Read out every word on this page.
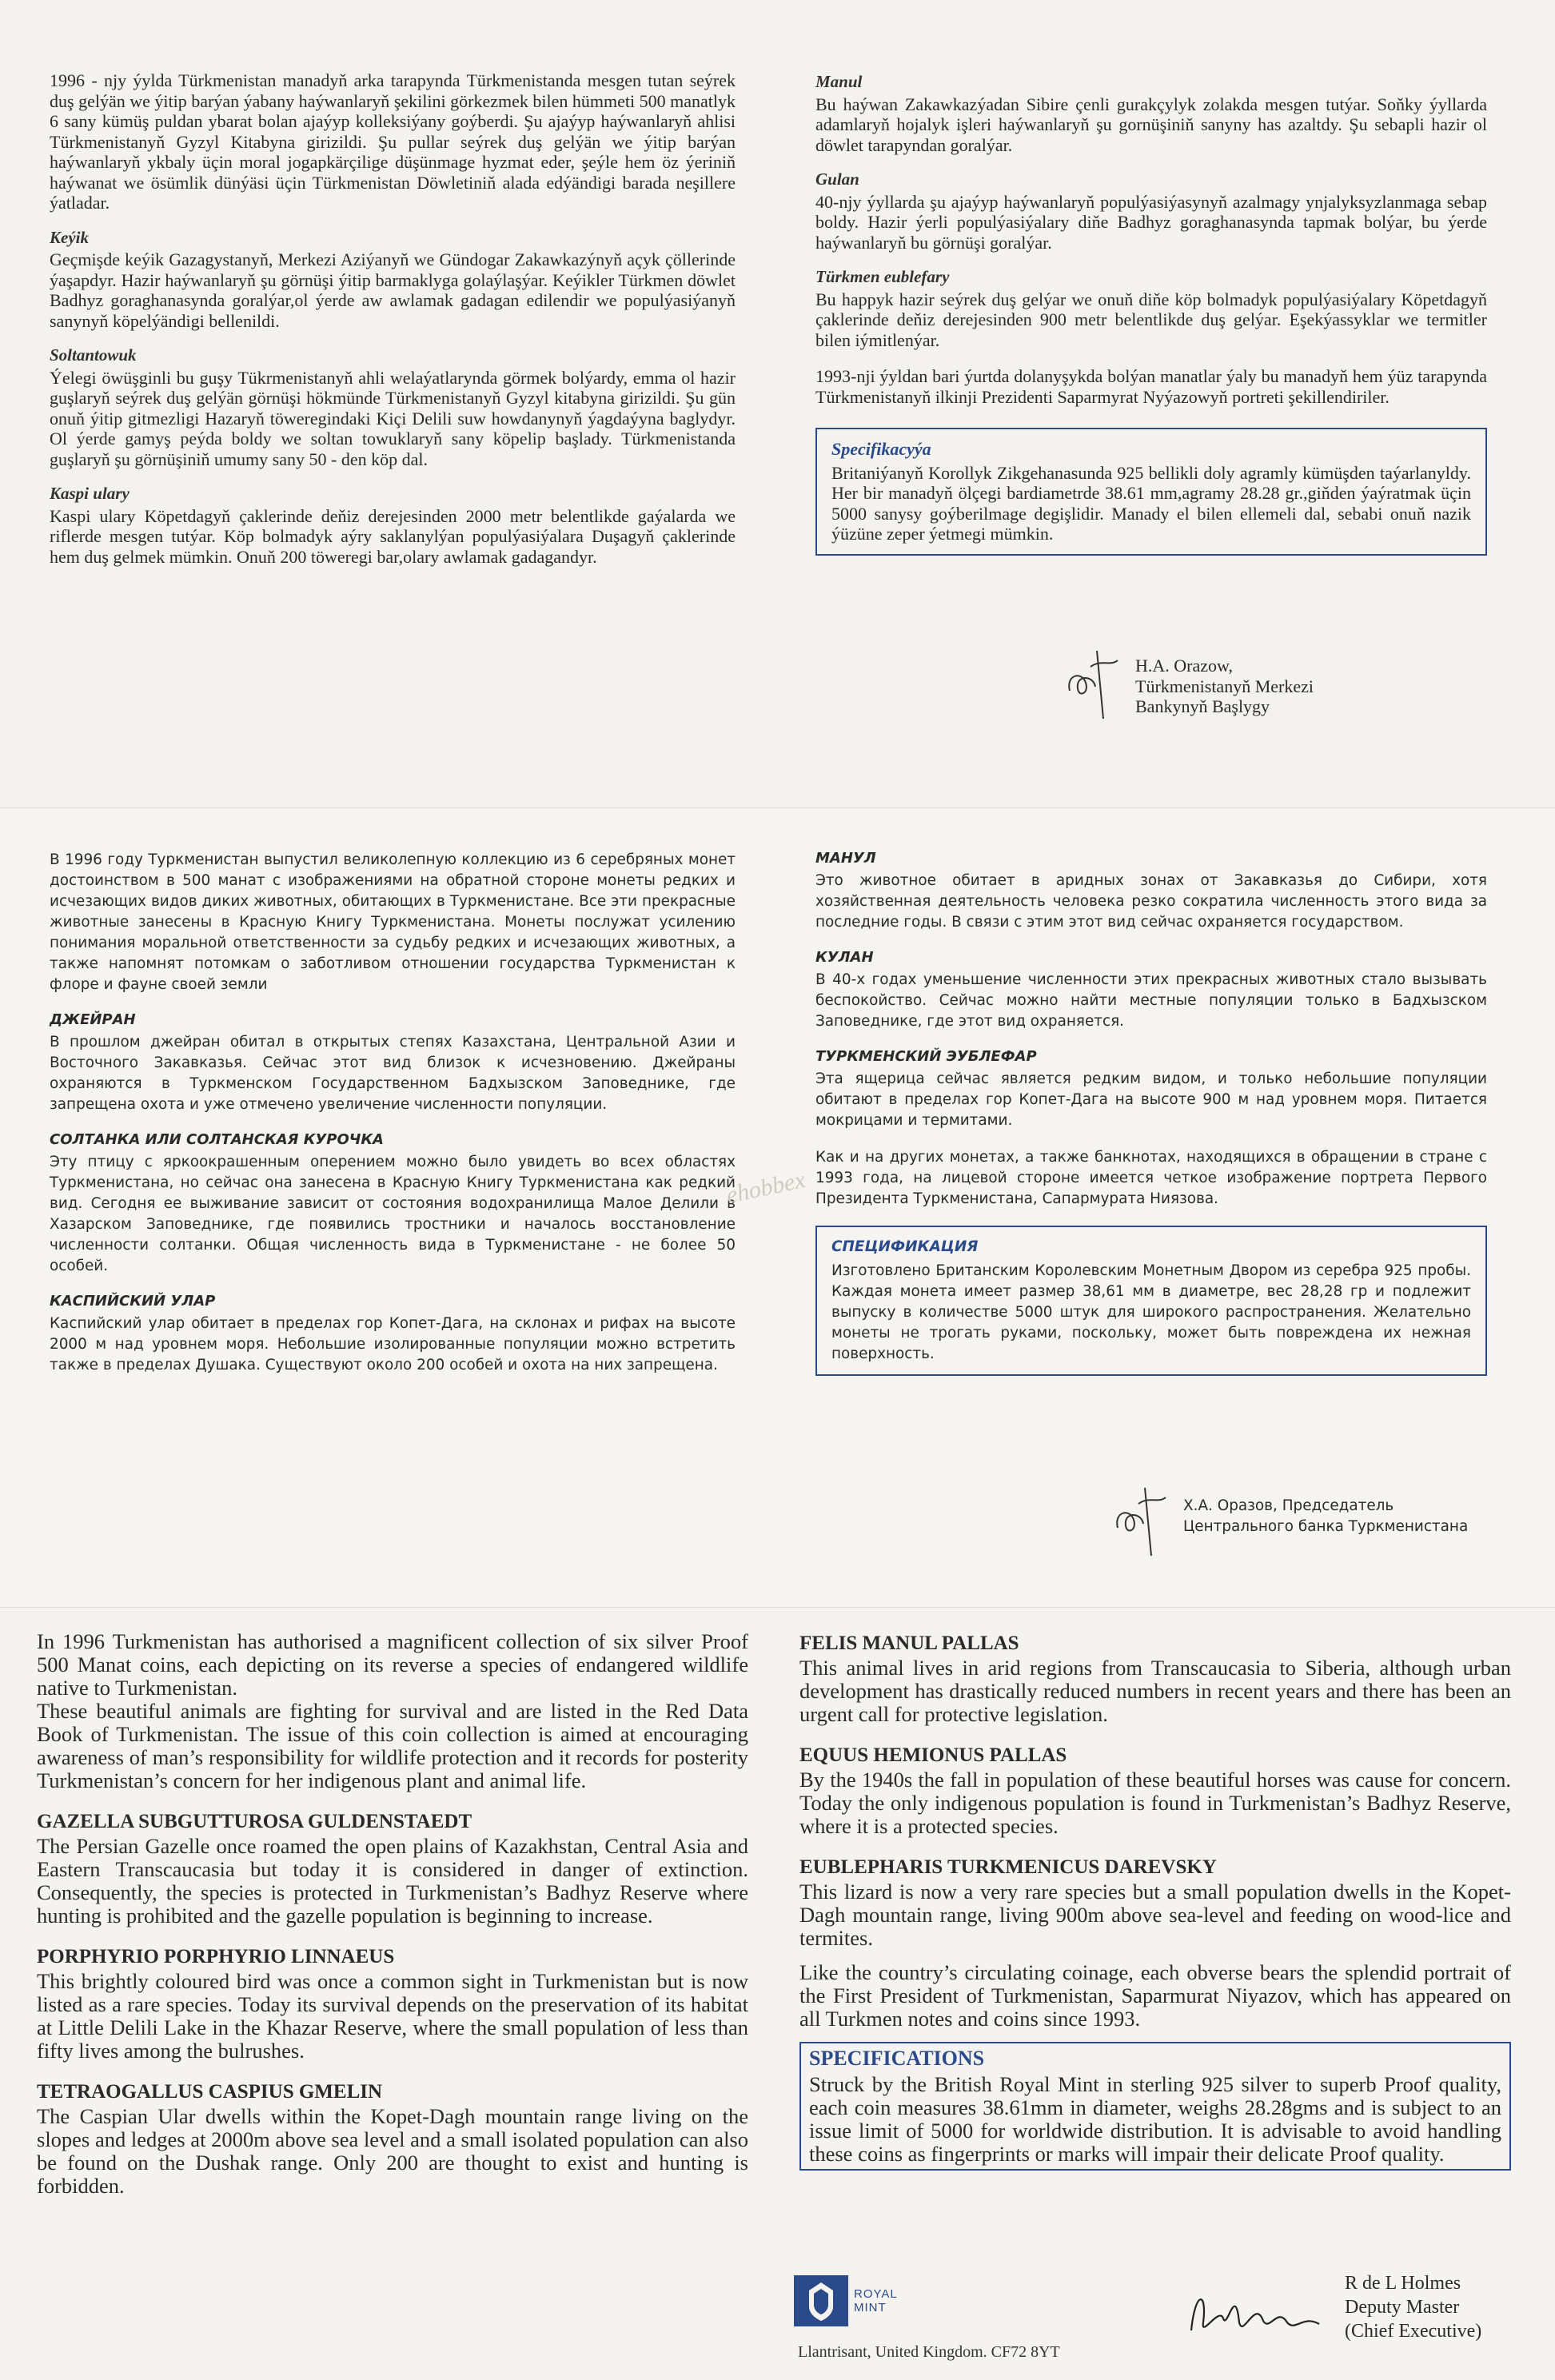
1996 - njy ýylda Türkmenistan manadyň arka tarapynda Türkmenistanda mesgen tutan seýrek duş gelýän we ýitip barýan ýabany haýwanlaryň şekilini görkezmek bilen hümmeti 500 manatlyk 6 sany kümüş puldan ybarat bolan ajaýyp kolleksiýany goýberdi. Şu ajaýyp haýwanlaryň ahlisi Türkmenistanyň Gyzyl Kitabyna girizildi. Şu pullar seýrek duş gelýän we ýitip barýan haýwanlaryň ykbaly üçin moral jogapkärçilige düşünmage hyzmat eder, şeýle hem öz ýeriniň haýwanat we ösümlik dünýäsi üçin Türkmenistan Döwletiniň alada edýändigi barada neşillere ýatladar.

Keýik

Geçmişde keýik Gazagystanyň, Merkezi Aziýanyň we Gündogar Zakawkazýnyň açyk çöllerinde ýaşapdyr. Hazir haýwanlaryň şu görnüşi ýitip barmaklyga golaýlaşýar. Keýikler Türkmen döwlet Badhyz goraghanasynda goralýar,ol ýerde aw awlamak gadagan edilendir we populýasiýanyň sanynyň köpelýändigi bellenildi.

Soltantowuk

Ýelegi öwüşginli bu guşy Tükrmenistanyň ahli welaýatlarynda görmek bolýardy, emma ol hazir guşlaryň seýrek duş gelýän görnüşi hökmünde Türkmenistanyň Gyzyl kitabyna girizildi. Şu gün onuň ýitip gitmezligi Hazaryň töweregindaki Kiçi Delili suw howdanynyň ýagdaýyna baglydyr. Ol ýerde gamyş peýda boldy we soltan towuklaryň sany köpelip başlady. Türkmenistanda guşlaryň şu görnüşiniň umumy sany 50 - den köp dal.

Kaspi ulary

Kaspi ulary Köpetdagyň çaklerinde deňiz derejesinden 2000 metr belentlikde gaýalarda we riflerde mesgen tutýar. Köp bolmadyk aýry saklanylýan populýasiýalara Duşagyň çaklerinde hem duş gelmek mümkin. Onuň 200 töweregi bar,olary awlamak gadagandyr.

Manul

Bu haýwan Zakawkazýadan Sibire çenli gurakçylyk zolakda mesgen tutýar. Soňky ýyllarda adamlaryň hojalyk işleri haýwanlaryň şu gornüşiniň sanyny has azaltdy. Şu sebapli hazir ol döwlet tarapyndan goralýar.

Gulan

40-njy ýyllarda şu ajaýyp haýwanlaryň populýasiýasynyň azalmagy ynjalyksyzlanmaga sebap boldy. Hazir ýerli populýasiýalary diňe Badhyz goraghanasynda tapmak bolýar, bu ýerde haýwanlaryň bu görnüşi goralýar.

Türkmen eublefary

Bu happyk hazir seýrek duş gelýar we onuň diňe köp bolmadyk populýasiýalary Köpetdagyň çaklerinde deňiz derejesinden 900 metr belentlikde duş gelýar. Eşekýassyklar we termitler bilen iýmitlenýar.

1993-nji ýyldan bari ýurtda dolanyşykda bolýan manatlar ýaly bu manadyň hem ýüz tarapynda Türkmenistanyň ilkinji Prezidenti Saparmyrat Nyýazowyň portreti şekillendiriler.

Specifikacyýa

Britaniýanyň Korollyk Zikgehanasunda 925 bellikli doly agramly kümüşden taýarlanyldy. Her bir manadyň ölçegi bardiametrde 38.61 mm,agramy 28.28 gr.,giňden ýaýratmak üçin 5000 sanysy goýberilmage degişlidir. Manady el bilen ellemeli dal, sebabi onuň nazik ýüzüne zeper ýetmegi mümkin.

H.A. Orazow,
Türkmenistanyň Merkezi
Bankynyň Başlygy

В 1996 году Туркменистан выпустил великолепную коллекцию из 6 серебряных монет достоинством в 500 манат с изображениями на обратной стороне монеты редких и исчезающих видов диких животных, обитающих в Туркменистане. Все эти прекрасные животные занесены в Красную Книгу Туркменистана. Монеты послужат усилению понимания моральной ответственности за судьбу редких и исчезающих животных, а также напомнят потомкам о заботливом отношении государства Туркменистан к флоре и фауне своей земли

ДЖЕЙРАН

В прошлом джейран обитал в открытых степях Казахстана, Центральной Азии и Восточного Закавказья. Сейчас этот вид близок к исчезновению. Джейраны охраняются в Туркменском Государственном Бадхызском Заповеднике, где запрещена охота и уже отмечено увеличение численности популяции.

СОЛТАНКА ИЛИ СОЛТАНСКАЯ КУРОЧКА

Эту птицу с яркоокрашенным оперением можно было увидеть во всех областях Туркменистана, но сейчас она занесена в Красную Книгу Туркменистана как редкий вид. Сегодня ее выживание зависит от состояния водохранилища Малое Делили в Хазарском Заповеднике, где появились тростники и началось восстановление численности солтанки. Общая численность вида в Туркменистане - не более 50 особей.

КАСПИЙСКИЙ УЛАР

Каспийский улар обитает в пределах гор Копет-Дага, на склонах и рифах на высоте 2000 м над уровнем моря. Небольшие изолированные популяции можно встретить также в пределах Душака. Существуют около 200 особей и охота на них запрещена.

МАНУЛ

Это животное обитает в аридных зонах от Закавказья до Сибири, хотя хозяйственная деятельность человека резко сократила численность этого вида за последние годы. В связи с этим этот вид сейчас охраняется государством.

КУЛАН

В 40-х годах уменьшение численности этих прекрасных животных стало вызывать беспокойство. Сейчас можно найти местные популяции только в Бадхызском Заповеднике, где этот вид охраняется.

ТУРКМЕНСКИЙ ЭУБЛЕФАР

Эта ящерица сейчас является редким видом, и только небольшие популяции обитают в пределах гор Копет-Дага на высоте 900 м над уровнем моря. Питается мокрицами и термитами.

Как и на других монетах, а также банкнотах, находящихся в обращении в стране с 1993 года, на лицевой стороне имеется четкое изображение портрета Первого Президента Туркменистана, Сапармурата Ниязова.

СПЕЦИФИКАЦИЯ

Изготовлено Британским Королевским Монетным Двором из серебра 925 пробы. Каждая монета имеет размер 38,61 мм в диаметре, вес 28,28 гр и подлежит выпуску в количестве 5000 штук для широкого распространения. Желательно монеты не трогать руками, поскольку, может быть повреждена их нежная поверхность.

Х.А. Оразов, Председатель
Центрального банка Туркменистана
ehobbex

In 1996 Turkmenistan has authorised a magnificent collection of six silver Proof 500 Manat coins, each depicting on its reverse a species of endangered wildlife native to Turkmenistan.

These beautiful animals are fighting for survival and are listed in the Red Data Book of Turkmenistan. The issue of this coin collection is aimed at encouraging awareness of man’s responsibility for wildlife protection and it records for posterity Turkmenistan’s concern for her indigenous plant and animal life.

GAZELLA SUBGUTTUROSA GULDENSTAEDT

The Persian Gazelle once roamed the open plains of Kazakhstan, Central Asia and Eastern Transcaucasia but today it is considered in danger of extinction. Consequently, the species is protected in Turkmenistan’s Badhyz Reserve where hunting is prohibited and the gazelle population is beginning to increase.

PORPHYRIO PORPHYRIO LINNAEUS

This brightly coloured bird was once a common sight in Turkmenistan but is now listed as a rare species. Today its survival depends on the preservation of its habitat at Little Delili Lake in the Khazar Reserve, where the small population of less than fifty lives among the bulrushes.

TETRAOGALLUS CASPIUS GMELIN

The Caspian Ular dwells within the Kopet-Dagh mountain range living on the slopes and ledges at 2000m above sea level and a small isolated population can also be found on the Dushak range. Only 200 are thought to exist and hunting is forbidden.

FELIS MANUL PALLAS

This animal lives in arid regions from Transcaucasia to Siberia, although urban development has drastically reduced numbers in recent years and there has been an urgent call for protective legislation.

EQUUS HEMIONUS PALLAS

By the 1940s the fall in population of these beautiful horses was cause for concern. Today the only indigenous population is found in Turkmenistan’s Badhyz Reserve, where it is a protected species.

EUBLEPHARIS TURKMENICUS DAREVSKY

This lizard is now a very rare species but a small population dwells in the Kopet-Dagh mountain range, living 900m above sea-level and feeding on wood-lice and termites.

Like the country’s circulating coinage, each obverse bears the splendid portrait of the First President of Turkmenistan, Saparmurat Niyazov, which has appeared on all Turkmen notes and coins since 1993.

SPECIFICATIONS

Struck by the British Royal Mint in sterling 925 silver to superb Proof quality, each coin measures 38.61mm in diameter, weighs 28.28gms and is subject to an issue limit of 5000 for worldwide distribution. It is advisable to avoid handling these coins as fingerprints or marks will impair their delicate Proof quality.

ROYAL
MINT
Llantrisant, United Kingdom. CF72 8YT
R de L Holmes
Deputy Master
(Chief Executive)
